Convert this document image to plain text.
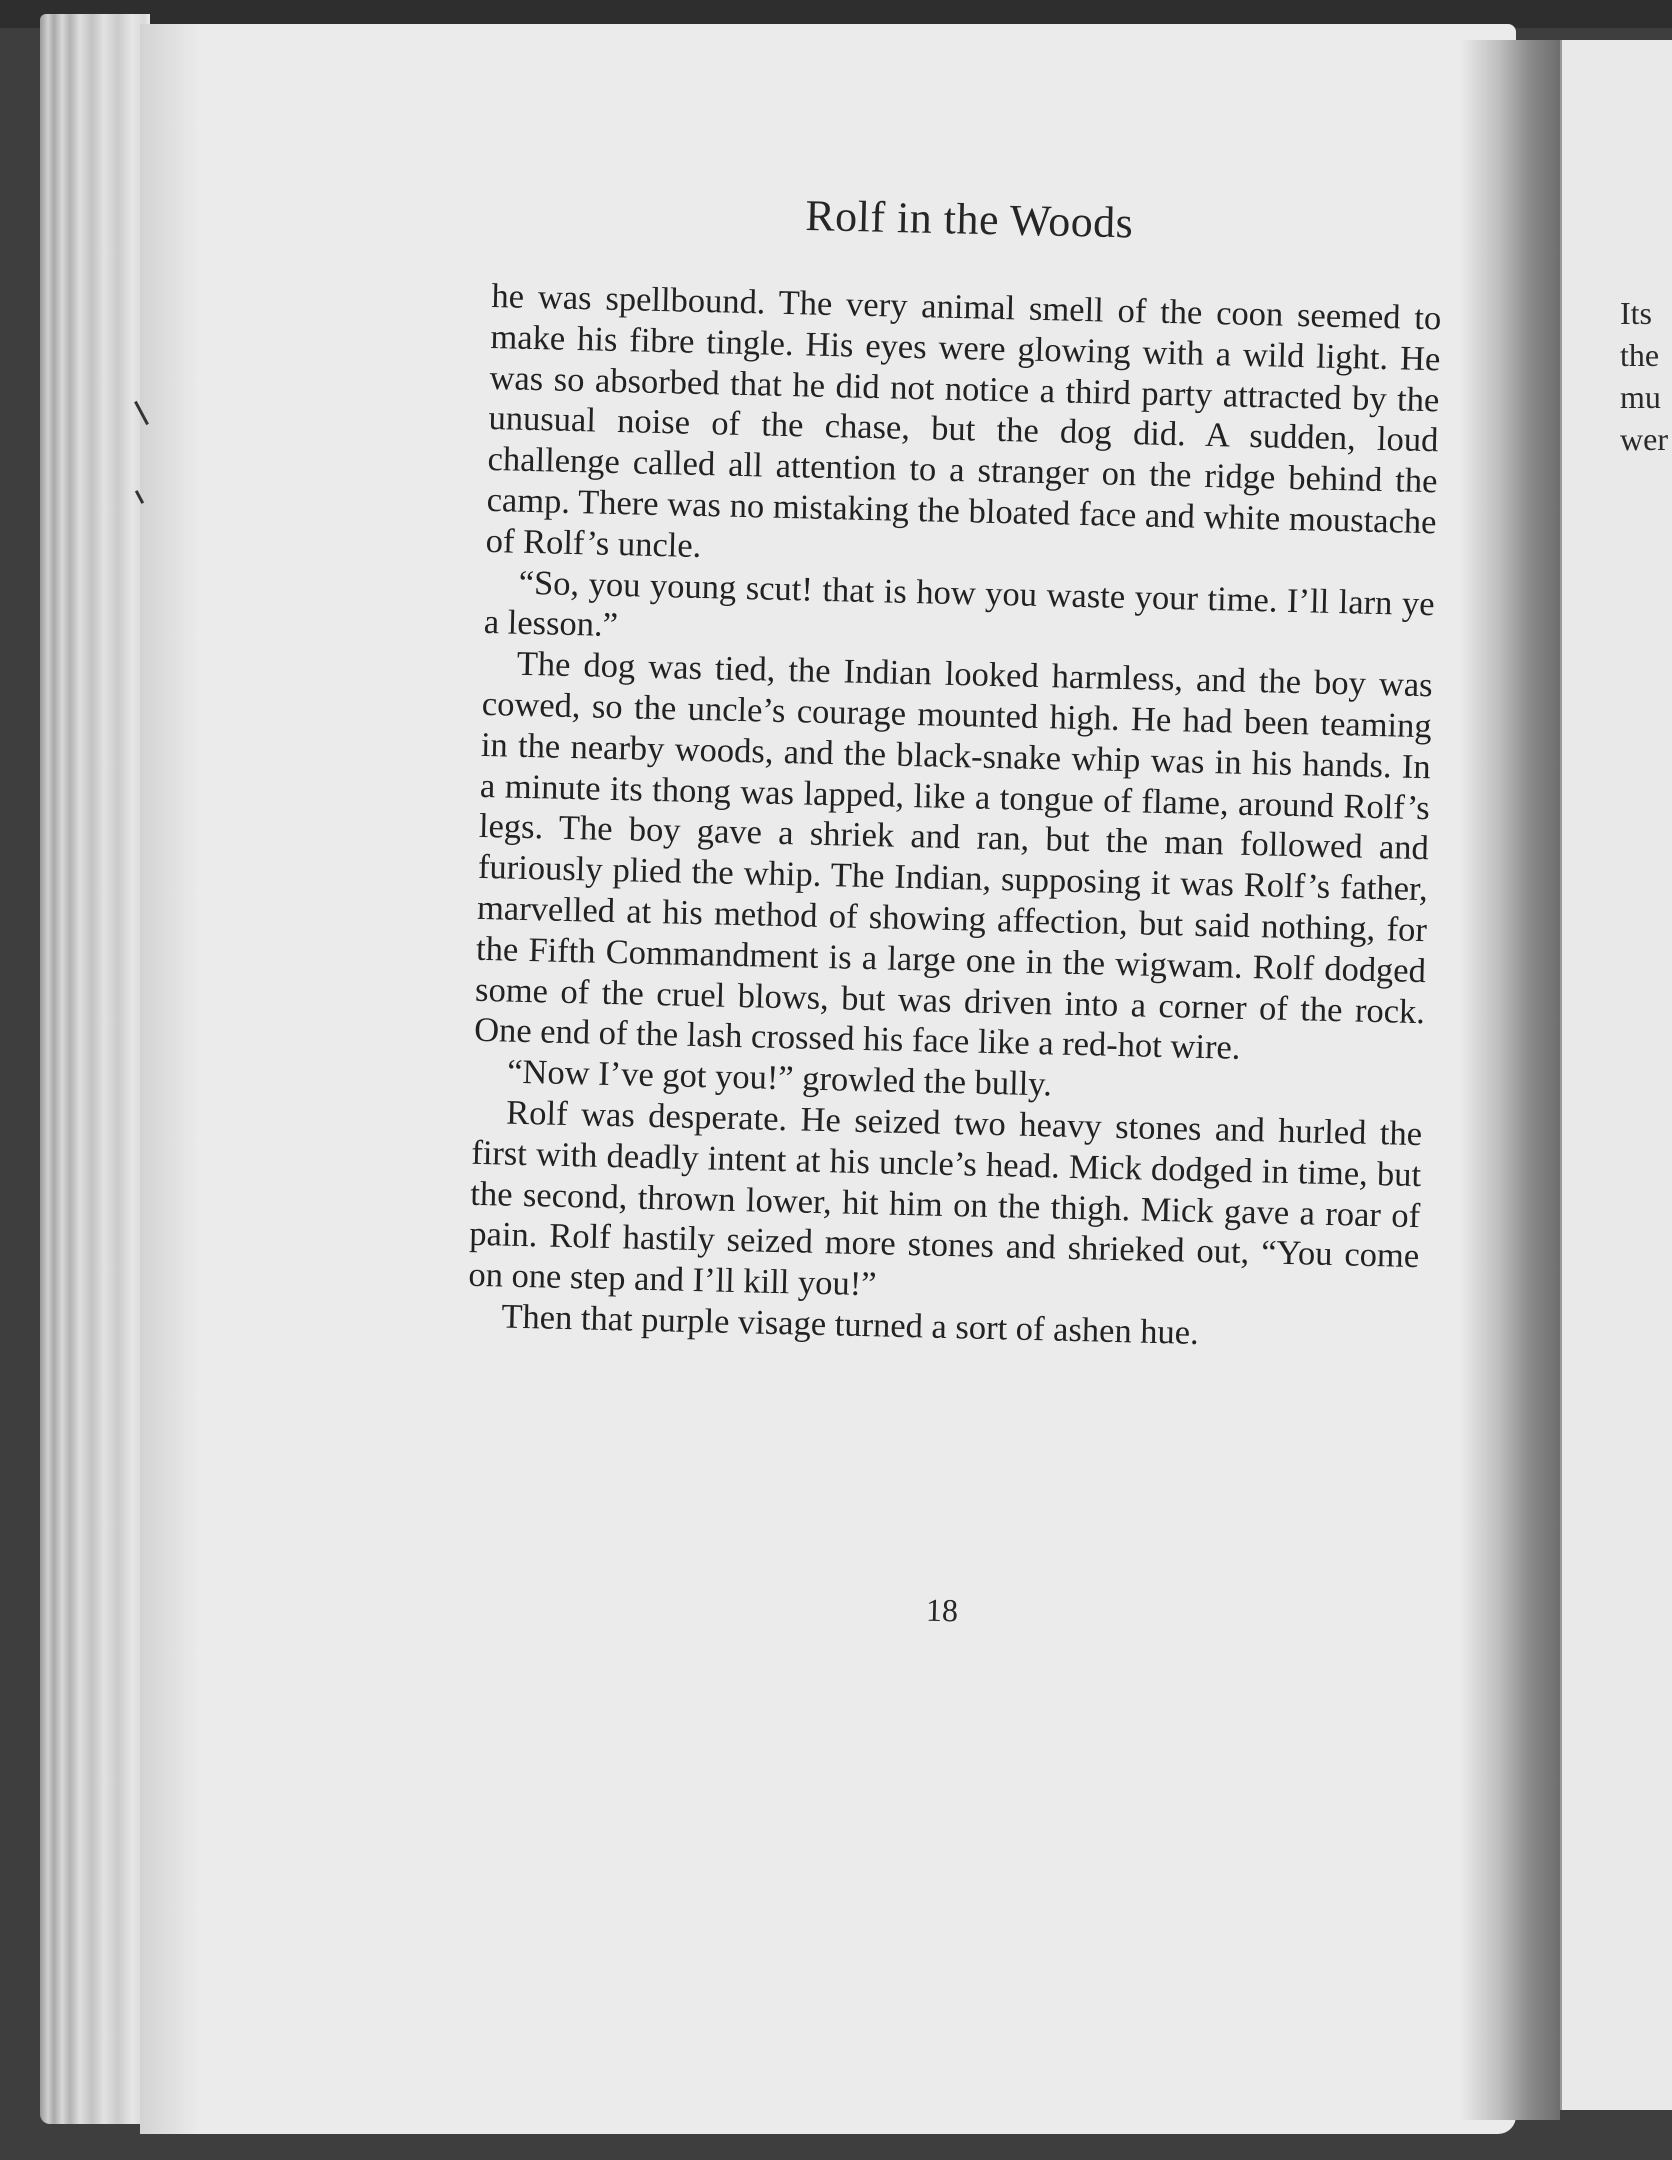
Its
the
mu
wer
Rolf in the Woods

he was spellbound. The very animal smell of the coon seemed to make his fibre tingle. His eyes were glowing with a wild light. He was so absorbed that he did not notice a third party attracted by the unusual noise of the chase, but the dog did. A sudden, loud challenge called all attention to a stranger on the ridge behind the camp. There was no mistaking the bloated face and white moustache of Rolf’s uncle.

“So, you young scut! that is how you waste your time. I’ll larn ye a lesson.”

The dog was tied, the Indian looked harmless, and the boy was cowed, so the uncle’s courage mounted high. He had been teaming in the nearby woods, and the black-snake whip was in his hands. In a minute its thong was lapped, like a tongue of flame, around Rolf’s legs. The boy gave a shriek and ran, but the man followed and furiously plied the whip. The Indian, supposing it was Rolf’s father, marvelled at his method of showing affection, but said nothing, for the Fifth Commandment is a large one in the wigwam. Rolf dodged some of the cruel blows, but was driven into a corner of the rock. One end of the lash crossed his face like a red-hot wire.

“Now I’ve got you!” growled the bully.

Rolf was desperate. He seized two heavy stones and hurled the first with deadly intent at his uncle’s head. Mick dodged in time, but the second, thrown lower, hit him on the thigh. Mick gave a roar of pain. Rolf hastily seized more stones and shrieked out, “You come on one step and I’ll kill you!”

Then that purple visage turned a sort of ashen hue.

18
